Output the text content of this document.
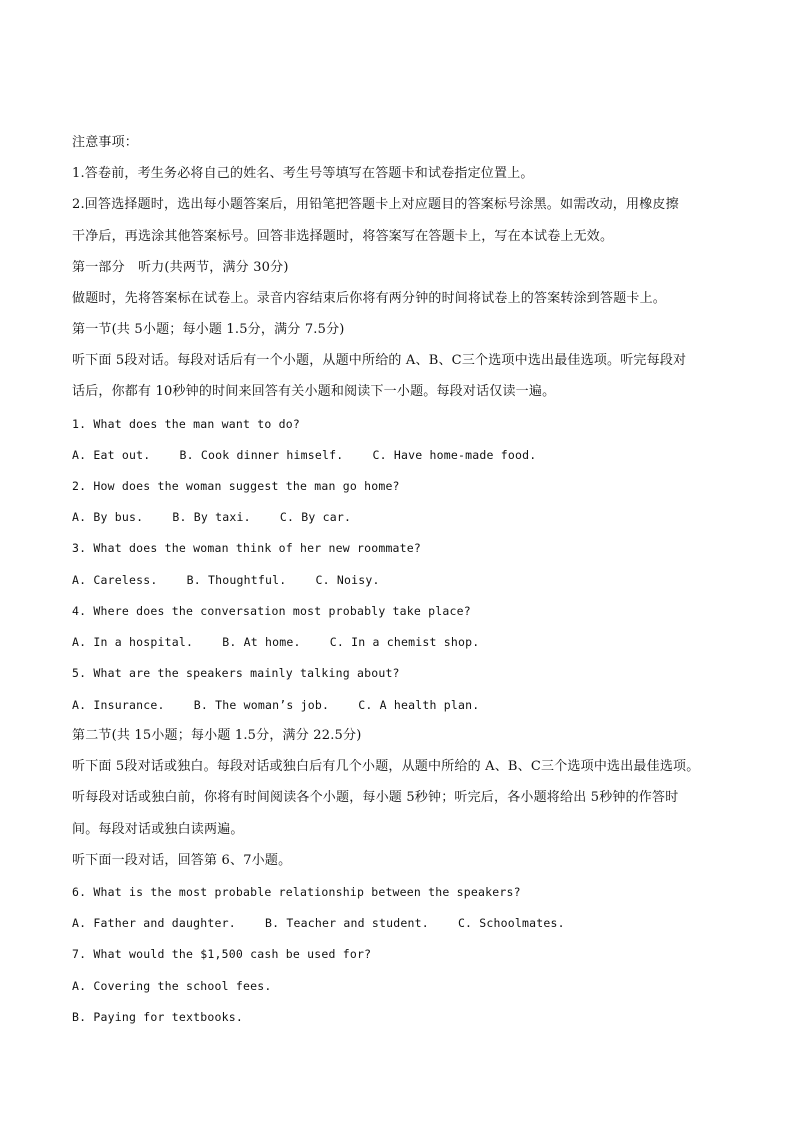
注意事项：
1.答卷前，考生务必将自己的姓名、考生号等填写在答题卡和试卷指定位置上。
2.回答选择题时，选出每小题答案后，用铅笔把答题卡上对应题目的答案标号涂黑。如需改动，用橡皮擦
干净后，再选涂其他答案标号。回答非选择题时，将答案写在答题卡上，写在本试卷上无效。
第一部分　听力(共两节，满分 30分)
做题时，先将答案标在试卷上。录音内容结束后你将有两分钟的时间将试卷上的答案转涂到答题卡上。
第一节(共 5小题；每小题 1.5分，满分 7.5分)
听下面 5段对话。每段对话后有一个小题，从题中所给的 A、B、C三个选项中选出最佳选项。听完每段对
话后，你都有 10秒钟的时间来回答有关小题和阅读下一小题。每段对话仅读一遍。
1. What does the man want to do?
A. Eat out.	B. Cook dinner himself.	C. Have home-made food.
2. How does the woman suggest the man go home?
A. By bus.	B. By taxi.	C. By car.
3. What does the woman think of her new roommate?
A. Careless.	B. Thoughtful.	C. Noisy.
4. Where does the conversation most probably take place?
A. In a hospital.	B. At home.	C. In a chemist shop.
5. What are the speakers mainly talking about?
A. Insurance.	B. The woman’s job.	C. A health plan.
第二节(共 15小题；每小题 1.5分，满分 22.5分)
听下面 5段对话或独白。每段对话或独白后有几个小题，从题中所给的 A、B、C三个选项中选出最佳选项。
听每段对话或独白前，你将有时间阅读各个小题，每小题 5秒钟；听完后，各小题将给出 5秒钟的作答时
间。每段对话或独白读两遍。
听下面一段对话，回答第 6、7小题。
6. What is the most probable relationship between the speakers?
A. Father and daughter.	B. Teacher and student.	C. Schoolmates.
7. What would the $1,500 cash be used for?
A. Covering the school fees.
B. Paying for textbooks.
